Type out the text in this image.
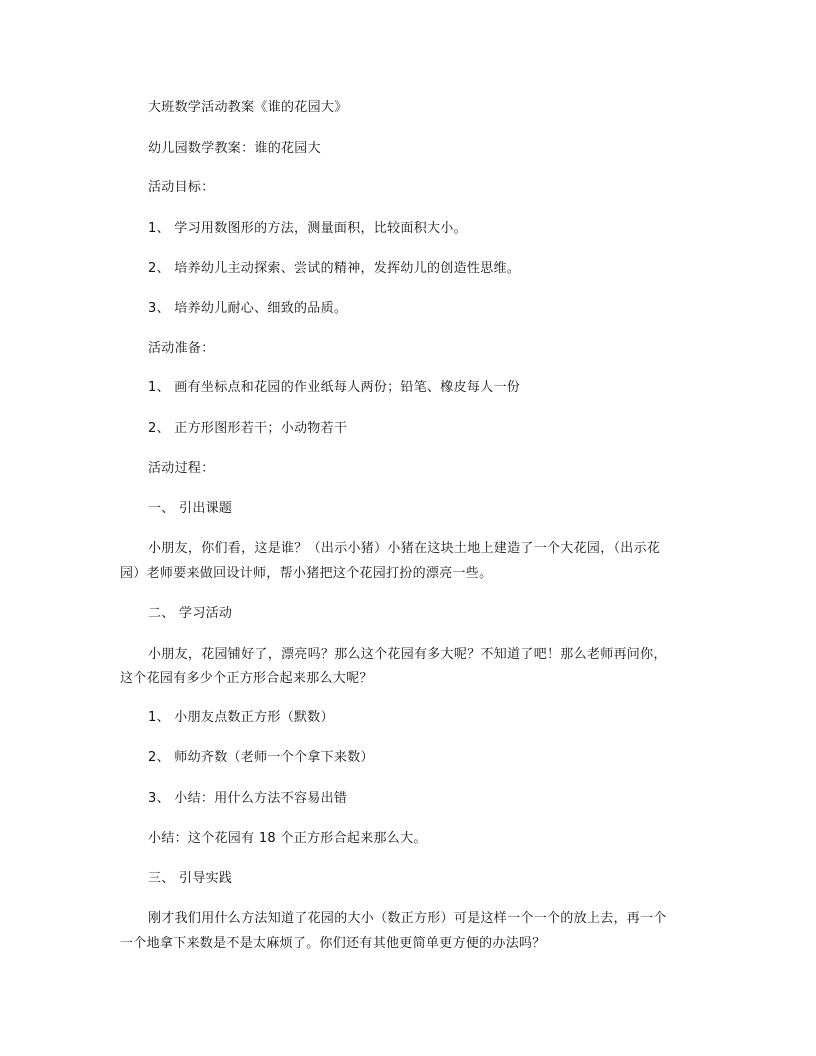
大班数学活动教案《谁的花园大》
幼儿园数学教案：谁的花园大
活动目标：
1、 学习用数图形的方法，测量面积，比较面积大小。
2、 培养幼儿主动探索、尝试的精神，发挥幼儿的创造性思维。
3、 培养幼儿耐心、细致的品质。
活动准备：
1、 画有坐标点和花园的作业纸每人两份；铅笔、橡皮每人一份
2、 正方形图形若干；小动物若干
活动过程：
一、 引出课题
小朋友，你们看，这是谁？（出示小猪）小猪在这块土地上建造了一个大花园，（出示花
园）老师要来做回设计师，帮小猪把这个花园打扮的漂亮一些。
二、 学习活动
小朋友，花园铺好了，漂亮吗？那么这个花园有多大呢？不知道了吧！那么老师再问你，
这个花园有多少个正方形合起来那么大呢？
1、 小朋友点数正方形（默数）
2、 师幼齐数（老师一个个拿下来数）
3、 小结：用什么方法不容易出错
小结：这个花园有 18 个正方形合起来那么大。
三、 引导实践
刚才我们用什么方法知道了花园的大小（数正方形）可是这样一个一个的放上去，再一个
一个地拿下来数是不是太麻烦了。你们还有其他更简单更方便的办法吗？
